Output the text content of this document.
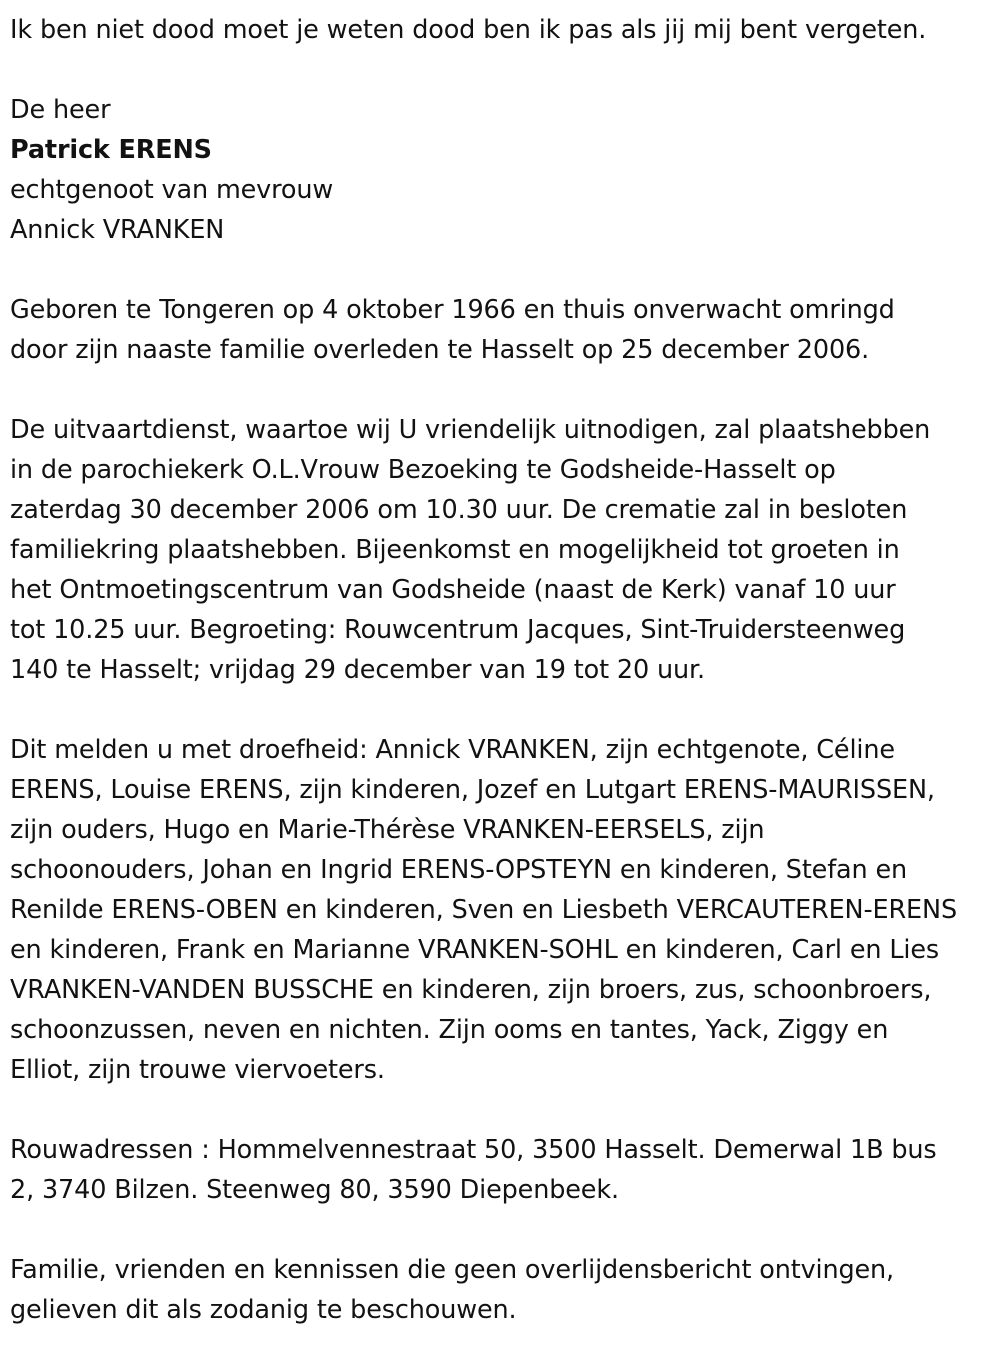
Ik ben niet dood moet je weten dood ben ik pas als jij mij bent vergeten.
De heer
Patrick ERENS
echtgenoot van mevrouw
Annick VRANKEN
Geboren te Tongeren op 4 oktober 1966 en thuis onverwacht omringd
door zijn naaste familie overleden te Hasselt op 25 december 2006.
De uitvaartdienst, waartoe wij U vriendelijk uitnodigen, zal plaatshebben
in de parochiekerk O.L.Vrouw Bezoeking te Godsheide-Hasselt op
zaterdag 30 december 2006 om 10.30 uur. De crematie zal in besloten
familiekring plaatshebben. Bijeenkomst en mogelijkheid tot groeten in
het Ontmoetingscentrum van Godsheide (naast de Kerk) vanaf 10 uur
tot 10.25 uur. Begroeting: Rouwcentrum Jacques, Sint-Truidersteenweg
140 te Hasselt; vrijdag 29 december van 19 tot 20 uur.
Dit melden u met droefheid: Annick VRANKEN, zijn echtgenote, Céline
ERENS, Louise ERENS, zijn kinderen, Jozef en Lutgart ERENS-MAURISSEN,
zijn ouders, Hugo en Marie-Thérèse VRANKEN-EERSELS, zijn
schoonouders, Johan en Ingrid ERENS-OPSTEYN en kinderen, Stefan en
Renilde ERENS-OBEN en kinderen, Sven en Liesbeth VERCAUTEREN-ERENS
en kinderen, Frank en Marianne VRANKEN-SOHL en kinderen, Carl en Lies
VRANKEN-VANDEN BUSSCHE en kinderen, zijn broers, zus, schoonbroers,
schoonzussen, neven en nichten. Zijn ooms en tantes, Yack, Ziggy en
Elliot, zijn trouwe viervoeters.
Rouwadressen : Hommelvennestraat 50, 3500 Hasselt. Demerwal 1B bus
2, 3740 Bilzen. Steenweg 80, 3590 Diepenbeek.
Familie, vrienden en kennissen die geen overlijdensbericht ontvingen,
gelieven dit als zodanig te beschouwen.
